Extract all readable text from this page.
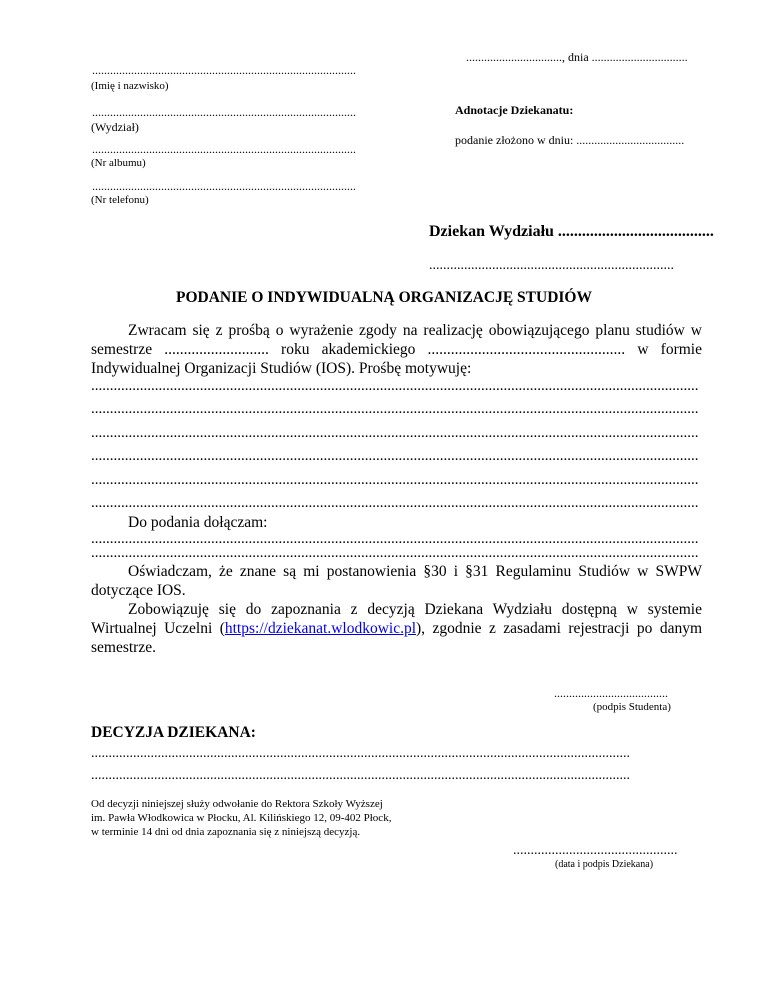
................................, dnia ................................
........................................................................................
(Imię i nazwisko)
........................................................................................
(Wydział)
........................................................................................
(Nr albumu)
........................................................................................
(Nr telefonu)
Adnotacje Dziekanatu:
podanie złożono w dniu: ....................................
Dziekan Wydziału .......................................
......................................................................
PODANIE O INDYWIDUALNĄ ORGANIZACJĘ STUDIÓW
Zwracam się z prośbą o wyrażenie zgody na realizację obowiązującego planu studiów w semestrze ........................... roku akademickiego ................................................... w formie Indywidualnej Organizacji Studiów (IOS). Prośbę motywuję:
..................................................................................................................................................................
..................................................................................................................................................................
..................................................................................................................................................................
..................................................................................................................................................................
..................................................................................................................................................................
..................................................................................................................................................................
Do podania dołączam:
..................................................................................................................................................................
..................................................................................................................................................................
Oświadczam, że znane są mi postanowienia §30 i §31 Regulaminu Studiów w SWPW dotyczące IOS.
Zobowiązuję się do zapoznania z decyzją Dziekana Wydziału dostępną w systemie Wirtualnej Uczelni (https://dziekanat.wlodkowic.pl), zgodnie z zasadami rejestracji po danym semestrze.
......................................
(podpis Studenta)
DECYZJA DZIEKANA:
..........................................................................................................................................................
..........................................................................................................................................................
Od decyzji niniejszej służy odwołanie do Rektora Szkoły Wyższej
im. Pawła Włodkowica w Płocku, Al. Kilińskiego 12, 09-402 Płock,
w terminie 14 dni od dnia zapoznania się z niniejszą decyzją.
...............................................
(data i podpis Dziekana)
